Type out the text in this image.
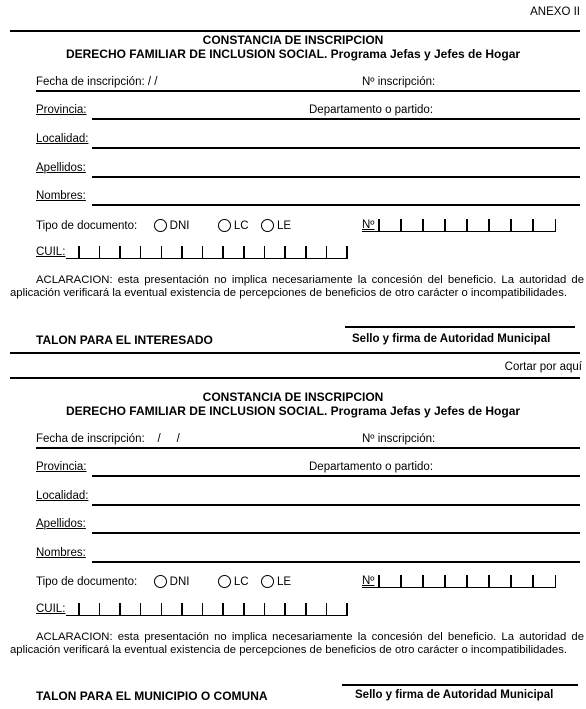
ANEXO II
CONSTANCIA DE INSCRIPCION
DERECHO FAMILIAR DE INCLUSION SOCIAL. Programa Jefas y Jefes de Hogar
Fecha de inscripción: / /	Nº inscripción:
Provincia:	Departamento o partido:
Localidad:
Apellidos:
Nombres:
Tipo de documento:	DNI	LC LE	Nº
CUIL:
ACLARACION: esta presentación no implica necesariamente la concesión del beneficio. La autoridad de aplicación verificará la eventual existencia de percepciones de beneficios de otro carácter o incompatibilidades.
TALON PARA EL INTERESADO	Sello y firma de Autoridad Municipal
Cortar por aquí
CONSTANCIA DE INSCRIPCION
DERECHO FAMILIAR DE INCLUSION SOCIAL. Programa Jefas y Jefes de Hogar
Fecha de inscripción:    /     /	Nº inscripción:
Provincia:	Departamento o partido:
Localidad:
Apellidos:
Nombres:
Tipo de documento:	DNI	LC LE	Nº
CUIL:
ACLARACION: esta presentación no implica necesariamente la concesión del beneficio. La autoridad de aplicación verificará la eventual existencia de percepciones de beneficios de otro carácter o incompatibilidades.
TALON PARA EL MUNICIPIO O COMUNA	Sello y firma de Autoridad Municipal
